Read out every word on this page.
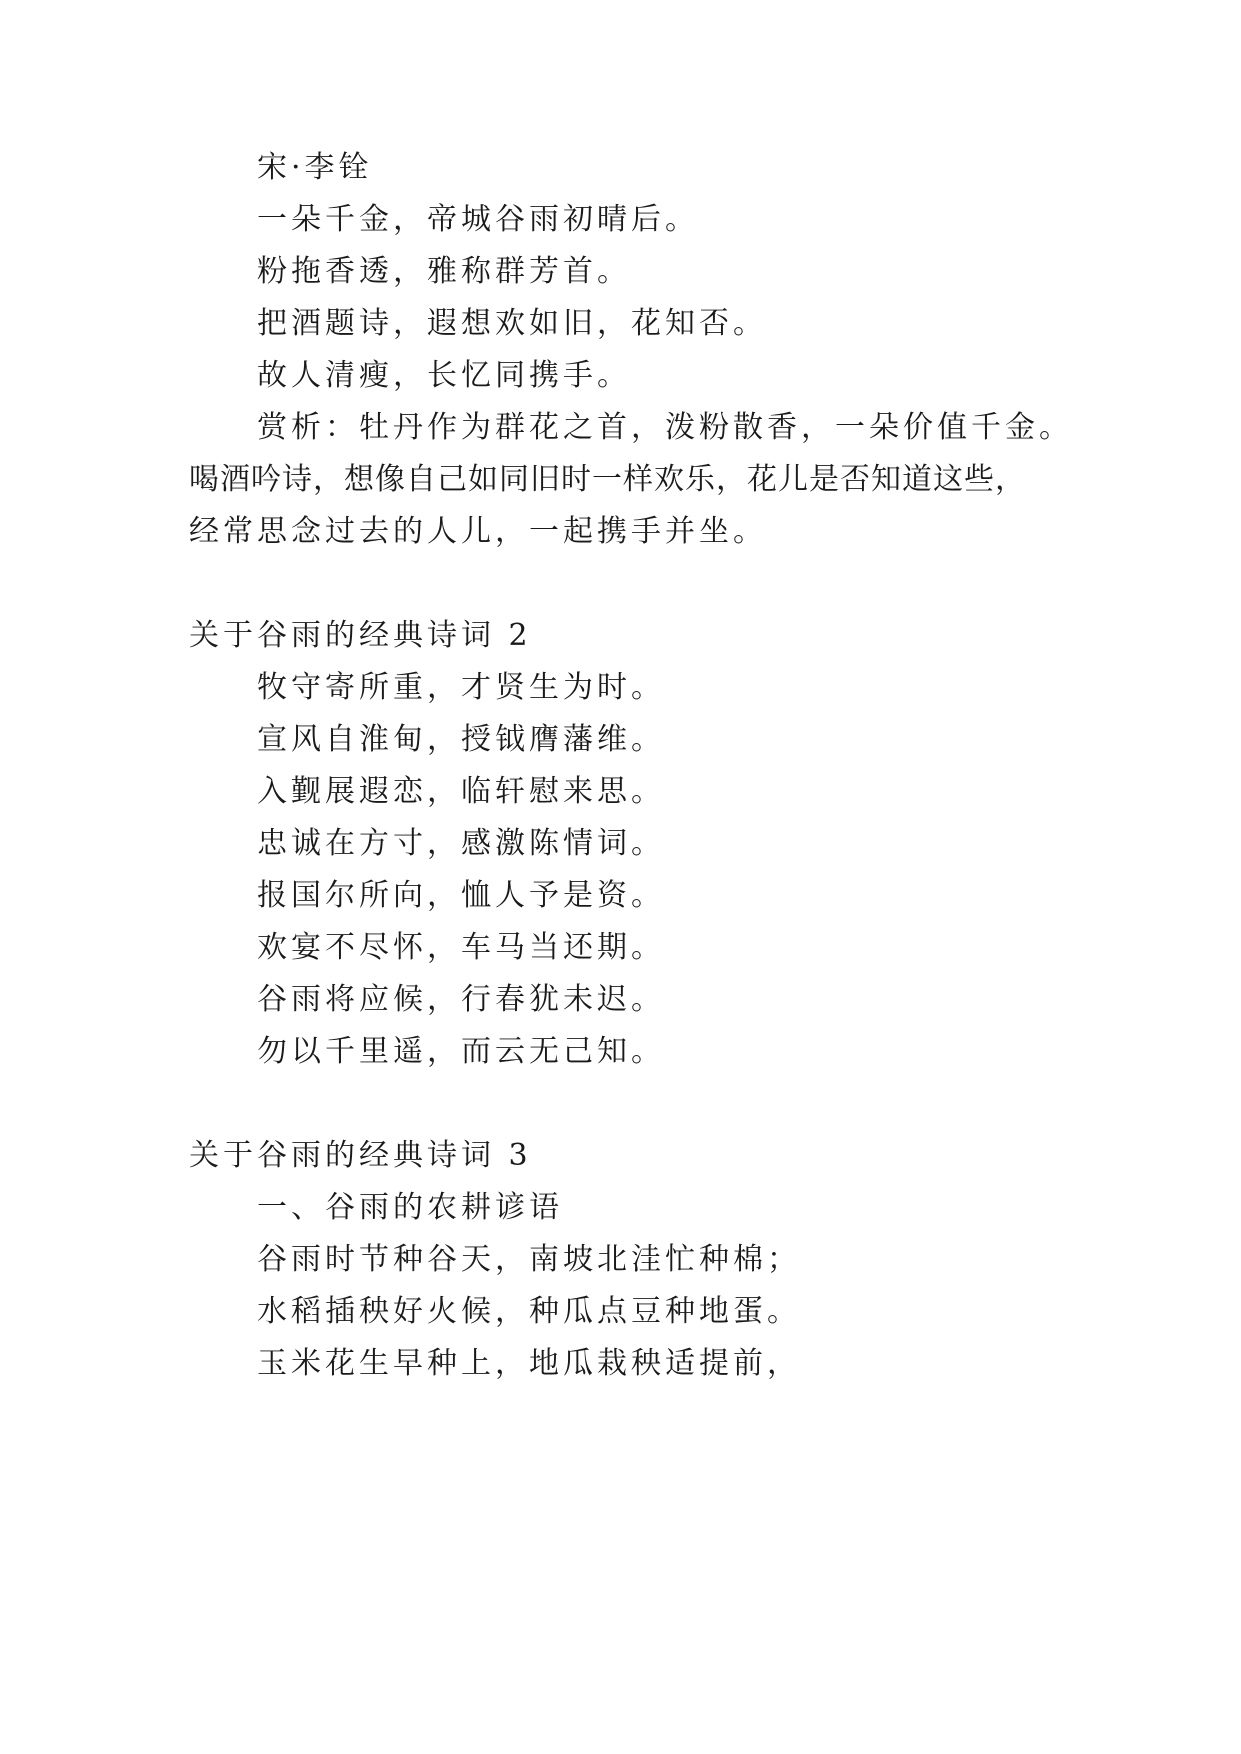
宋·李铨
一朵千金，帝城谷雨初晴后。
粉拖香透，雅称群芳首。
把酒题诗，遐想欢如旧，花知否。
故人清瘦，长忆同携手。
赏析：牡丹作为群花之首，泼粉散香，一朵价值千金。
喝酒吟诗，想像自己如同旧时一样欢乐，花儿是否知道这些，
经常思念过去的人儿，一起携手并坐。
关于谷雨的经典诗词 2
牧守寄所重，才贤生为时。
宣风自淮甸，授钺膺藩维。
入觐展遐恋，临轩慰来思。
忠诚在方寸，感激陈情词。
报国尔所向，恤人予是资。
欢宴不尽怀，车马当还期。
谷雨将应候，行春犹未迟。
勿以千里遥，而云无己知。
关于谷雨的经典诗词 3
一、谷雨的农耕谚语
谷雨时节种谷天，南坡北洼忙种棉；
水稻插秧好火候，种瓜点豆种地蛋。
玉米花生早种上，地瓜栽秧适提前，
